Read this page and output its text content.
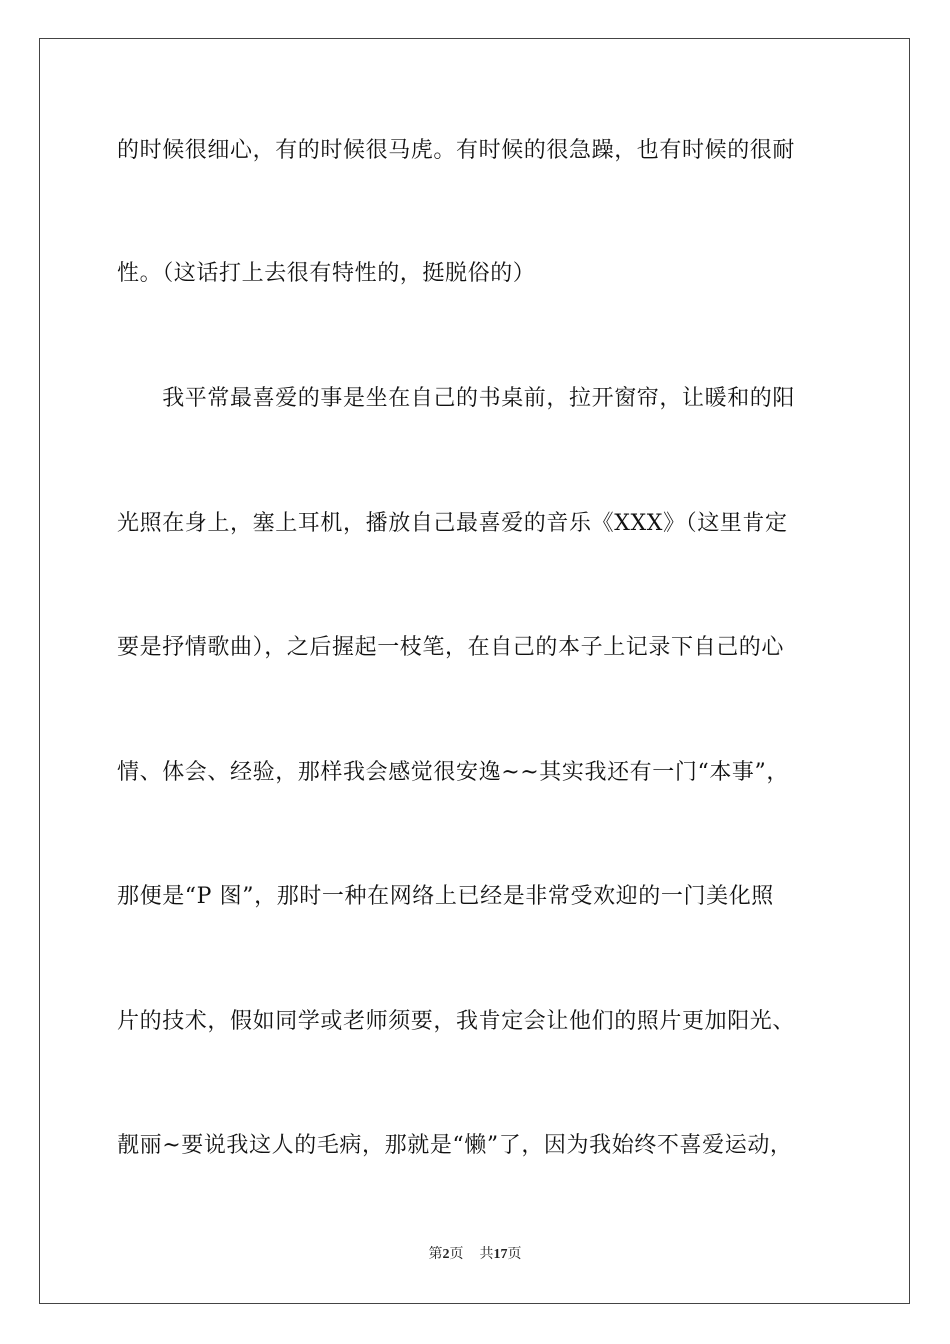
的时候很细心，有的时候很马虎。有时候的很急躁，也有时候的很耐
性。（这话打上去很有特性的，挺脱俗的）
　　我平常最喜爱的事是坐在自己的书桌前，拉开窗帘，让暖和的阳
光照在身上，塞上耳机，播放自己最喜爱的音乐《XXX》（这里肯定
要是抒情歌曲），之后握起一枝笔，在自己的本子上记录下自己的心
情、体会、经验，那样我会感觉很安逸~~其实我还有一门“本事”，
那便是“P 图”，那时一种在网络上已经是非常受欢迎的一门美化照
片的技术，假如同学或老师须要，我肯定会让他们的照片更加阳光、
靓丽~要说我这人的毛病，那就是“懒”了，因为我始终不喜爱运动，
第2页 共17页
